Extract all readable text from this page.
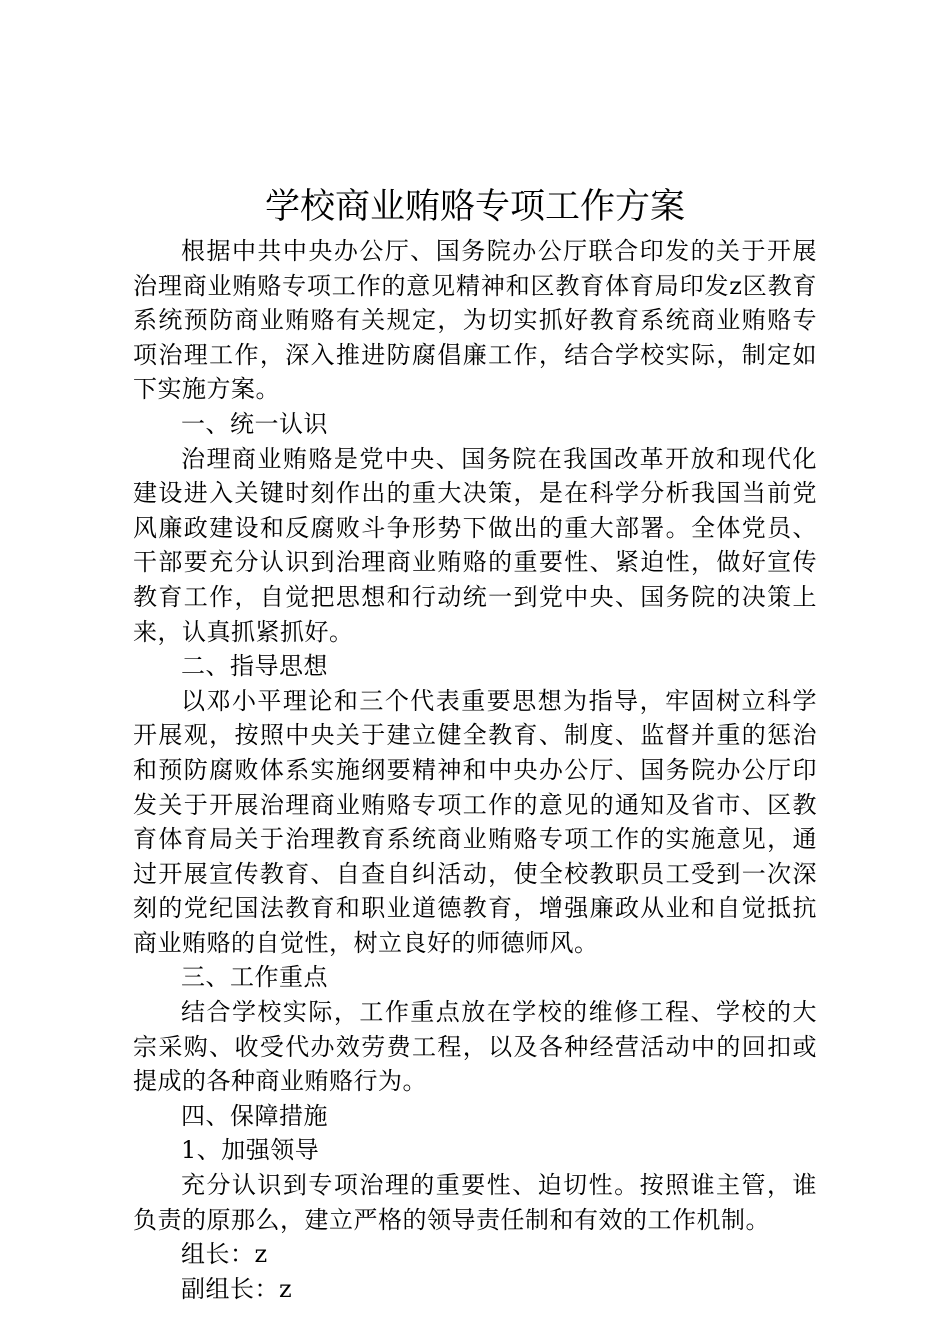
学校商业贿赂专项工作方案

根据中共中央办公厅、国务院办公厅联合印发的关于开展治理商业贿赂专项工作的意见精神和区教育体育局印发z区教育系统预防商业贿赂有关规定，为切实抓好教育系统商业贿赂专项治理工作，深入推进防腐倡廉工作，结合学校实际，制定如下实施方案。

一、统一认识

治理商业贿赂是党中央、国务院在我国改革开放和现代化建设进入关键时刻作出的重大决策，是在科学分析我国当前党风廉政建设和反腐败斗争形势下做出的重大部署。全体党员、干部要充分认识到治理商业贿赂的重要性、紧迫性，做好宣传教育工作，自觉把思想和行动统一到党中央、国务院的决策上来，认真抓紧抓好。

二、指导思想

以邓小平理论和三个代表重要思想为指导，牢固树立科学开展观，按照中央关于建立健全教育、制度、监督并重的惩治和预防腐败体系实施纲要精神和中央办公厅、国务院办公厅印发关于开展治理商业贿赂专项工作的意见的通知及省市、区教育体育局关于治理教育系统商业贿赂专项工作的实施意见，通过开展宣传教育、自查自纠活动，使全校教职员工受到一次深刻的党纪国法教育和职业道德教育，增强廉政从业和自觉抵抗商业贿赂的自觉性，树立良好的师德师风。

三、工作重点

结合学校实际，工作重点放在学校的维修工程、学校的大宗采购、收受代办效劳费工程，以及各种经营活动中的回扣或提成的各种商业贿赂行为。

四、保障措施

1、加强领导

充分认识到专项治理的重要性、迫切性。按照谁主管，谁负责的原那么，建立严格的领导责任制和有效的工作机制。

组长：z

副组长：z
